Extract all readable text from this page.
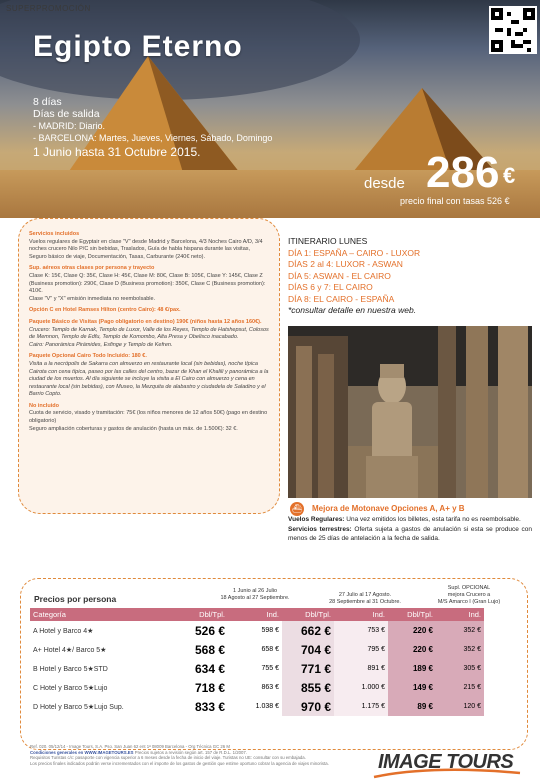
SUPERPROMOCIÓN
Egipto Eterno
8 días
Días de salida
- MADRID: Diario.
- BARCELONA: Martes, Jueves, Viernes, Sábado, Domingo
1 Junio hasta 31 Octubre 2015.	286 €
desde
precio final con tasas 526 €

Servicios incluidos

Vuelos regulares de Egyptair en clase "V" desde Madrid y Barcelona, 4/3 Noches Cairo A/D, 3/4 noches crucero Nilo P/C sin bebidas, Traslados, Guía de habla hispana durante las visitas, Seguro básico de viaje, Documentación, Tasas, Carburante (240€ neto).

Sup. aéreos otras clases por persona y trayecto

Clase K: 15€, Clase Q: 35€, Clase H: 45€, Clase M: 80€, Clase B: 105€, Clase Y: 145€, Clase Z (Business promotion): 290€, Clase D (Business promotion): 350€, Clase C (Business promotion): 410€.

Clase "V" y "X" emisión inmediata no reembolsable.

Opción C en Hotel Ramses Hilton (centro Cairo): 48 €/pax.

Paquete Básico de Visitas (Pago obligatorio en destino) 190€ (niños hasta 12 años 160€).

Crucero: Templo de Karnak, Templo de Luxor, Valle de los Reyes, Templo de Hatshepsut, Colosos de Memnon, Templo de Edfu, Templo de Komombo, Alta Presa y Obelisco inacabado.

Cairo: Panorámica Pirámides, Esfinge y Templo de Kefren.

Paquete Opcional Cairo Todo Incluido: 180 €.

Visita a la necrópolis de Sakarra con almuerzo en restaurante local (sin bebidas), noche típica Cairota con cena típica, paseo por las calles del centro, bazar de Khan el Khalili y panorámica a la ciudad de los muertos. Al día siguiente se incluye la visita a El Cairo con almuerzo y cena en restaurante local (sin bebidas), con Museo, la Mezquita de alabastro y ciudadela de Saladino y el Barrio Copto.

No incluido

Cuota de servicio, visado y tramitación: 75€ (los niños menores de 12 años 50€) (pago en destino obligatorio)

Seguro ampliación coberturas y gastos de anulación (hasta un máx. de 1.500€): 32 €.

ITINERARIO LUNES
DÍA 1: ESPAÑA – CAIRO - LUXOR
DÍAS 2 al 4: LUXOR - ASWAN
DÍA 5: ASWAN - EL CAIRO
DÍAS 6 y 7: EL CAIRO
DÍA 8: EL CAIRO - ESPAÑA
*consultar detalle en nuestra web.
⛴ Mejora de Motonave Opciones A, A+ y B

Vuelos Regulares: Una vez emitidos los billetes, esta tarifa no es reembolsable.

Servicios terrestres: Oferta sujeta a gastos de anulación si esta se produce con menos de 25 días de antelación a la fecha de salida.

Precios por persona
1 Junio al 26 Julio
18 Agosto al 27 Septiembre.	27 Julio al 17 Agosto.
28 Septiembre al 31 Octubre.
Supl. OPCIONAL
mejora Crucero a
M/S Amarco I (Gran Lujo)
Categoría	Dbl/Tpl.	Ind.	Dbl/Tpl.	Ind.	Dbl/Tpl.	Ind.
A Hotel y Barco 4★	526 €	598 €	662 €	753 €	220 €	352 €
A+ Hotel 4★/ Barco 5★	568 €	658 €	704 €	795 €	220 €	352 €
B Hotel y Barco 5★STD	634 €	755 €	771 €	891 €	189 €	305 €
C Hotel y Barco 5★Lujo	718 €	863 €	855 €	1.000 €	149 €	215 €
D Hotel y Barco 5★Lujo Sup.	833 €	1.038 €	970 €	1.175 €	89 €	120 €
Ref. 020. 05/12/14 - Image Tours, S.A. Pso. San Juan 62 ent 1ª 08009 Barcelona - Org Técnica GC 26 M
Condiciones generales en WWW.IMAGETOURS.ES Precios sujetos a revisión según art. 157 de R.D.L. 1/2007.
Requisitos Turistas c/c: pasaporte con vigencia superior a 6 meses desde la fecha de inicio del viaje. Turistas no UE: consultar con su embajada.
Los precios finales indicados podrán verse incrementados con el importe de los gastos de gestión que estime oportuno cobrar la agencia de viajes minorista.	IMAGE TOURS
